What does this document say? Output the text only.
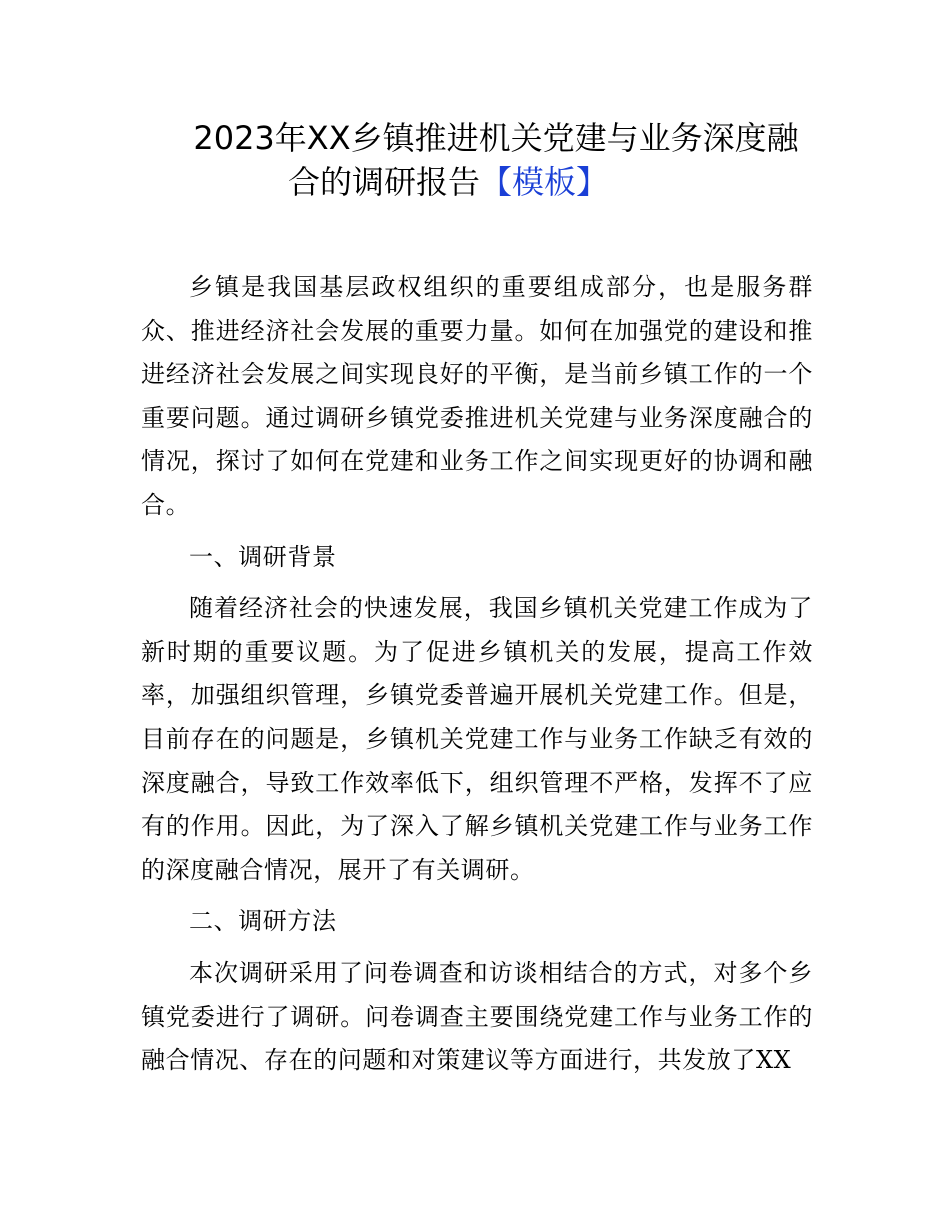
2023年XX乡镇推进机关党建与业务深度融
合的调研报告【模板】

乡镇是我国基层政权组织的重要组成部分，也是服务群众、推进经济社会发展的重要力量。如何在加强党的建设和推进经济社会发展之间实现良好的平衡，是当前乡镇工作的一个重要问题。通过调研乡镇党委推进机关党建与业务深度融合的情况，探讨了如何在党建和业务工作之间实现更好的协调和融合。

一、调研背景

随着经济社会的快速发展，我国乡镇机关党建工作成为了新时期的重要议题。为了促进乡镇机关的发展，提高工作效率，加强组织管理，乡镇党委普遍开展机关党建工作。但是，目前存在的问题是，乡镇机关党建工作与业务工作缺乏有效的深度融合，导致工作效率低下，组织管理不严格，发挥不了应有的作用。因此，为了深入了解乡镇机关党建工作与业务工作的深度融合情况，展开了有关调研。

二、调研方法

本次调研采用了问卷调查和访谈相结合的方式，对多个乡镇党委进行了调研。问卷调查主要围绕党建工作与业务工作的融合情况、存在的问题和对策建议等方面进行，共发放了XX
